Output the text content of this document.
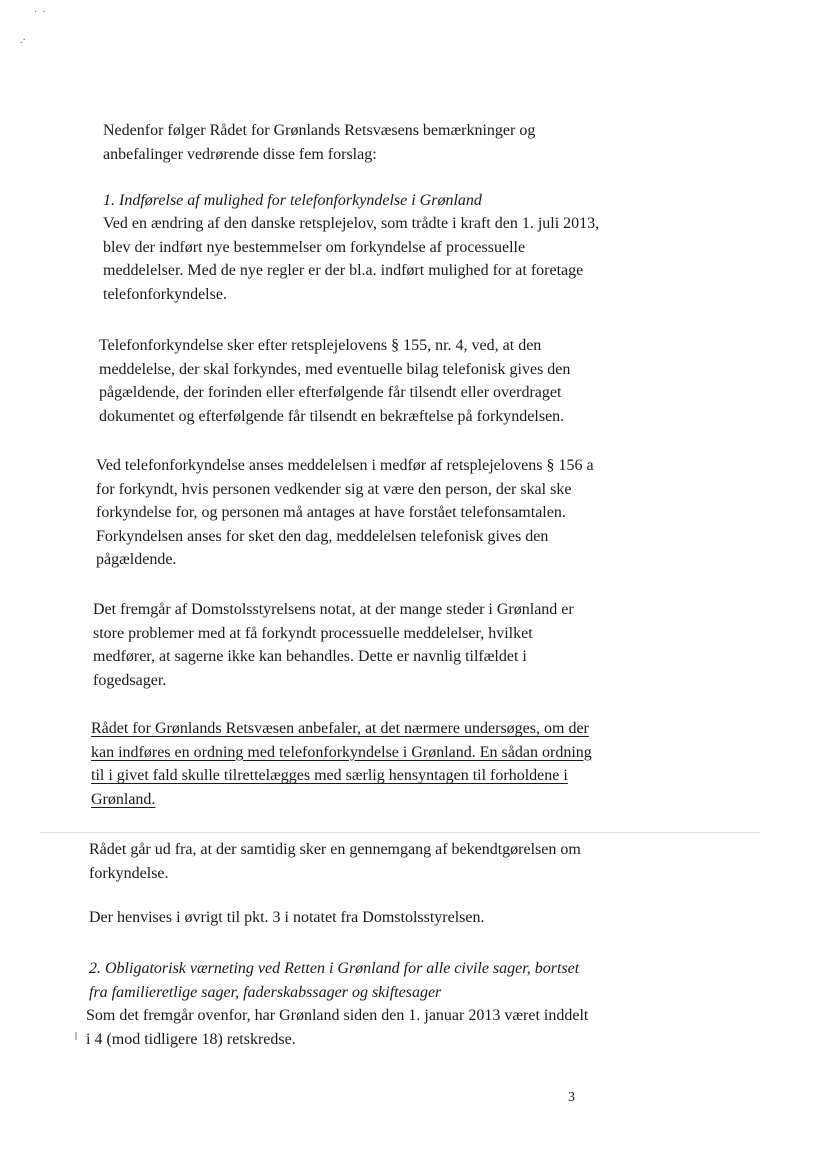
·  ·
.·

Nedenfor følger Rådet for Grønlands Retsvæsens bemærkninger og anbefalinger vedrørende disse fem forslag:

1. Indførelse af mulighed for telefonforkyndelse i Grønland

Ved en ændring af den danske retsplejelov, som trådte i kraft den 1. juli 2013, blev der indført nye bestemmelser om forkyndelse af processuelle meddelelser. Med de nye regler er der bl.a. indført mulighed for at foretage telefonforkyndelse.

Telefonforkyndelse sker efter retsplejelovens § 155, nr. 4, ved, at den meddelelse, der skal forkyndes, med eventuelle bilag telefonisk gives den pågældende, der forinden eller efterfølgende får tilsendt eller overdraget dokumentet og efterfølgende får tilsendt en bekræftelse på forkyndelsen.

Ved telefonforkyndelse anses meddelelsen i medfør af retsplejelovens § 156 a for forkyndt, hvis personen vedkender sig at være den person, der skal ske forkyndelse for, og personen må antages at have forstået telefonsamtalen. Forkyndelsen anses for sket den dag, meddelelsen telefonisk gives den pågældende.

Det fremgår af Domstolsstyrelsens notat, at der mange steder i Grønland er store problemer med at få forkyndt processuelle meddelelser, hvilket medfører, at sagerne ikke kan behandles. Dette er navnlig tilfældet i fogedsager.

Rådet for Grønlands Retsvæsen anbefaler, at det nærmere undersøges, om der kan indføres en ordning med telefonforkyndelse i Grønland. En sådan ordning til i givet fald skulle tilrettelægges med særlig hensyntagen til forholdene i Grønland.

Rådet går ud fra, at der samtidig sker en gennemgang af bekendtgørelsen om forkyndelse.

Der henvises i øvrigt til pkt. 3 i notatet fra Domstolsstyrelsen.

2. Obligatorisk værneting ved Retten i Grønland for alle civile sager, bortset fra familieretlige sager, faderskabssager og skiftesager

Som det fremgår ovenfor, har Grønland siden den 1. januar 2013 været inddelt i 4 (mod tidligere 18) retskredse.

3
